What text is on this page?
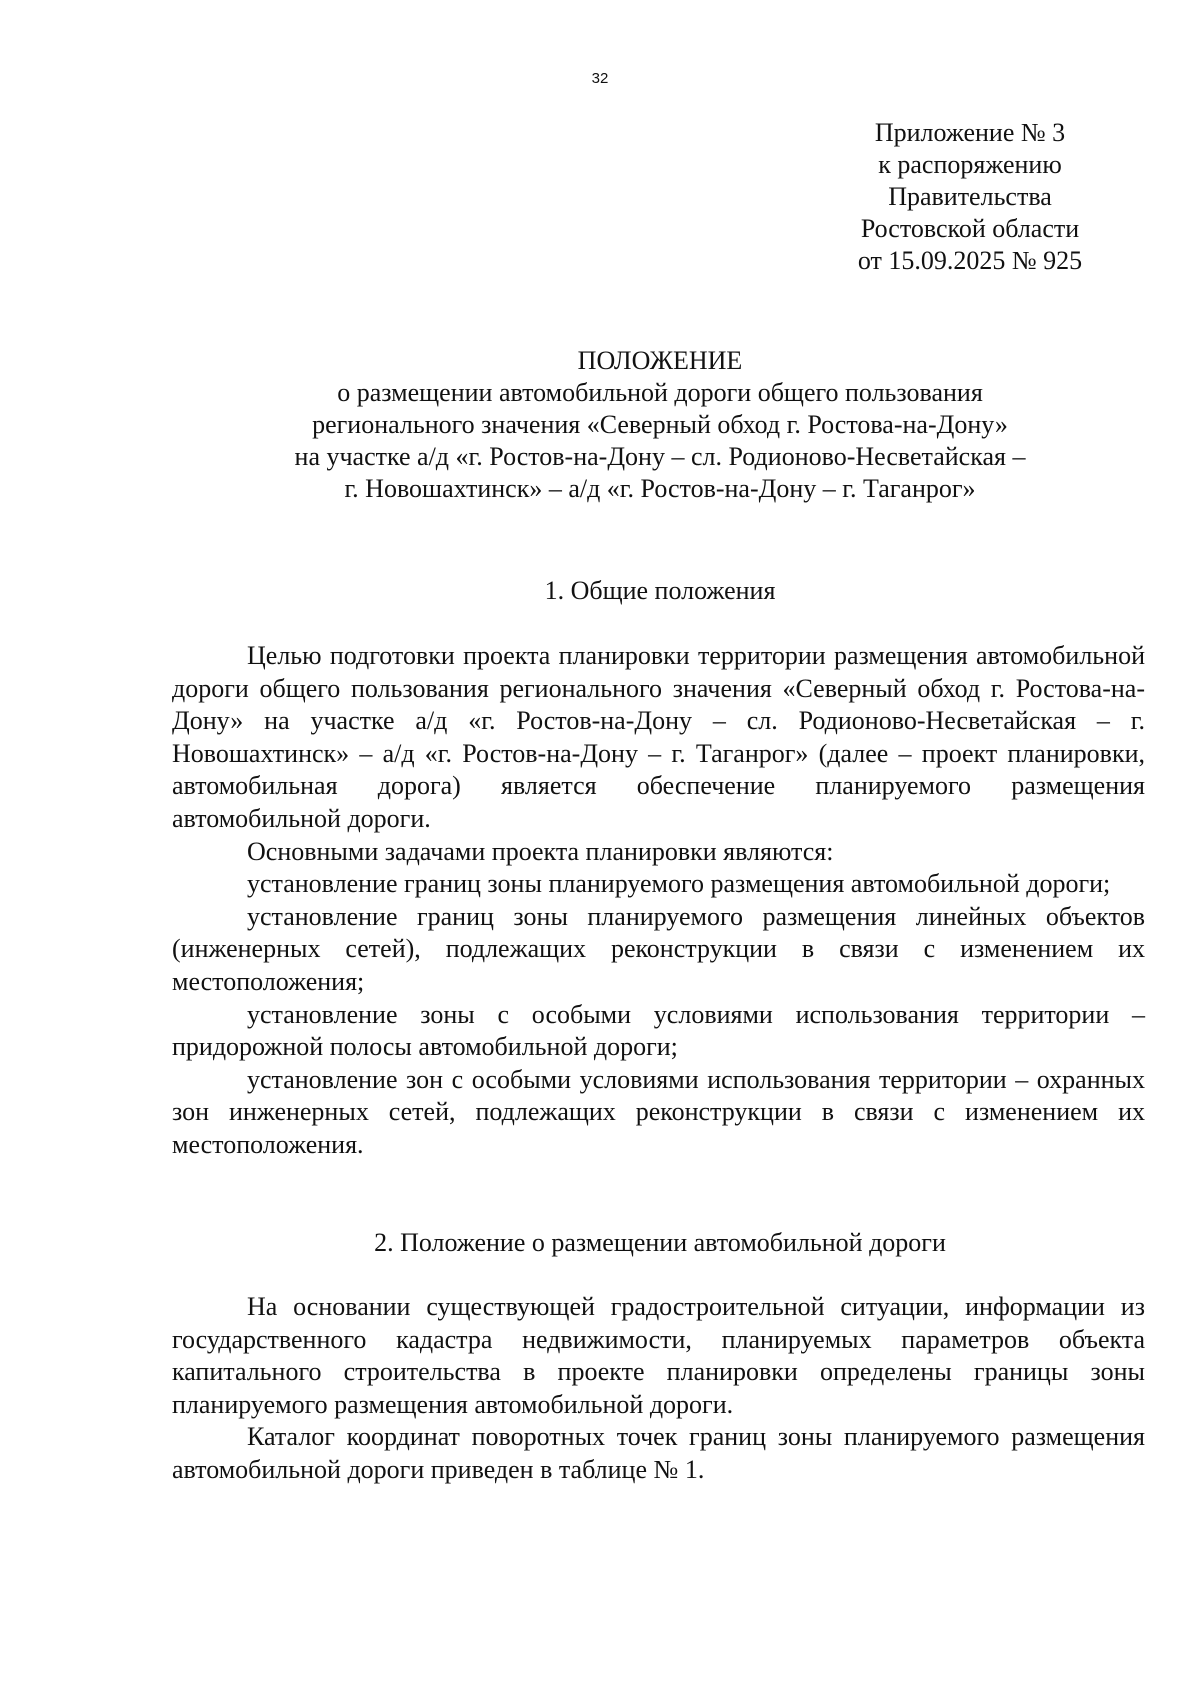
32
Приложение № 3
к распоряжению
Правительства
Ростовской области
от 15.09.2025 № 925
ПОЛОЖЕНИЕ
о размещении автомобильной дороги общего пользования
регионального значения «Северный обход г. Ростова-на-Дону»
на участке а/д «г. Ростов-на-Дону – сл. Родионово-Несветайская –
г. Новошахтинск» – а/д «г. Ростов-на-Дону – г. Таганрог»
1. Общие положения

Целью подготовки проекта планировки территории размещения автомобильной дороги общего пользования регионального значения «Северный обход г. Ростова-на-Дону» на участке а/д «г. Ростов-на-Дону – сл. Родионово-Несветайская – г. Новошахтинск» – а/д «г. Ростов-на-Дону – г. Таганрог» (далее – проект планировки, автомобильная дорога) является обеспечение планируемого размещения автомобильной дороги.

Основными задачами проекта планировки являются:

установление границ зоны планируемого размещения автомобильной дороги;

установление границ зоны планируемого размещения линейных объектов (инженерных сетей), подлежащих реконструкции в связи с изменением их местоположения;

установление зоны с особыми условиями использования территории – придорожной полосы автомобильной дороги;

установление зон с особыми условиями использования территории – охранных зон инженерных сетей, подлежащих реконструкции в связи с изменением их местоположения.

2. Положение о размещении автомобильной дороги

На основании существующей градостроительной ситуации, информации из государственного кадастра недвижимости, планируемых параметров объекта капитального строительства в проекте планировки определены границы зоны планируемого размещения автомобильной дороги.

Каталог координат поворотных точек границ зоны планируемого размещения автомобильной дороги приведен в таблице № 1.
